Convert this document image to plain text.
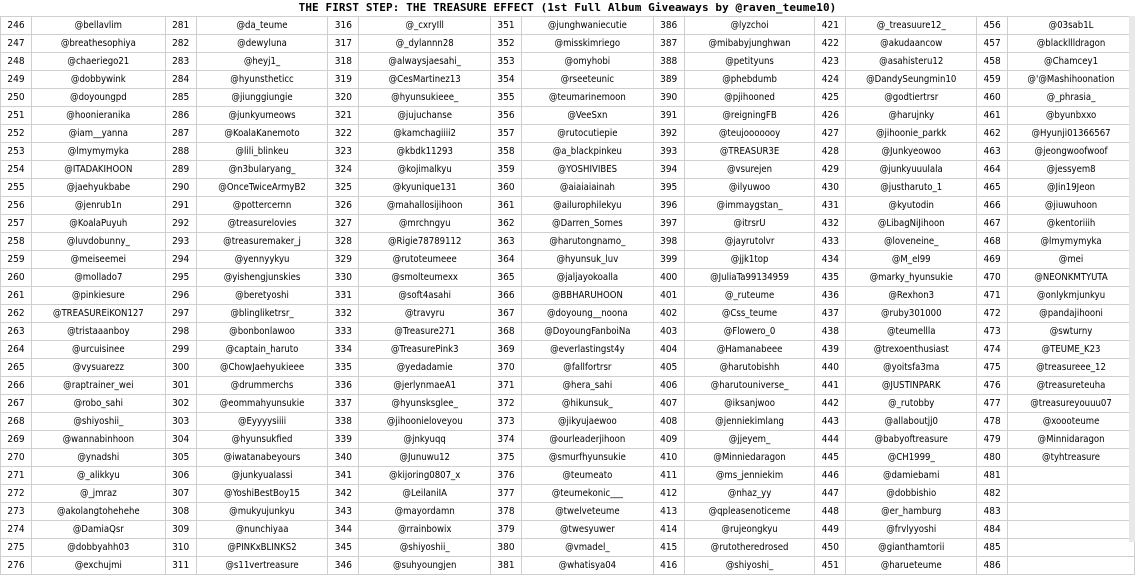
THE FIRST STEP: THE TREASURE EFFECT (1st Full Album Giveaways by @raven_teume10)
246	@bellavlim	281	@da_teume	316	@_cxryIll	351	@junghwaniecutie	386	@lyzchoi	421	@_treasuure12_	456	@03sab1L
247	@breathesophiya	282	@dewyluna	317	@_dylannn28	352	@misskimriego	387	@mibabyjunghwan	422	@akudaancow	457	@blackllldragon
248	@chaeriego21	283	@heyj1_	318	@alwaysjaesahi_	353	@omyhobi	388	@petityuns	423	@asahisteru12	458	@Chamcey1
249	@dobbywink	284	@hyunstheticc	319	@CesMartinez13	354	@rseeteunic	389	@phebdumb	424	@DandySeungmin10	459	@'@Mashihoonation
250	@doyoungpd	285	@jiunggiungie	320	@hyunsukieee_	355	@teumarinemoon	390	@pjihooned	425	@godtiertrsr	460	@_phrasia_
251	@hoonieranika	286	@junkyumeows	321	@jujuchanse	356	@VeeSxn	391	@reigningFB	426	@harujnky	461	@byunbxxo
252	@iam__yanna	287	@KoalaKanemoto	322	@kamchagiiii2	357	@rutocutiepie	392	@teujooooooy	427	@jihoonie_parkk	462	@Hyunji01366567
253	@lmymymyka	288	@lili_blinkeu	323	@kbdk11293	358	@a_blackpinkeu	393	@TREASUR3E	428	@Junkyeowoo	463	@jeongwoofwoof
254	@ITADAKIHOON	289	@n3bularyang_	324	@kojimalkyu	359	@YOSHIVIBES	394	@vsurejen	429	@junkyuuulala	464	@jessyem8
255	@jaehyukbabe	290	@OnceTwiceArmyB2	325	@kyunique131	360	@aiaiaiainah	395	@ilyuwoo	430	@justharuto_1	465	@Jin19Jeon
256	@jenrub1n	291	@pottercernn	326	@mahallosijihoon	361	@ailurophilekyu	396	@immaygstan_	431	@kyutodin	466	@jiuwuhoon
257	@KoalaPuyuh	292	@treasurelovies	327	@mrchngyu	362	@Darren_Somes	397	@itrsrU	432	@LibagNiJihoon	467	@kentoriiih
258	@luvdobunny_	293	@treasuremaker_j	328	@Rigie78789112	363	@harutongnamo_	398	@jayrutolvr	433	@loveneine_	468	@lmymymyka
259	@meiseemei	294	@yennyykyu	329	@rutoteumeee	364	@hyunsuk_luv	399	@jjk1top	434	@M_el99	469	@mei
260	@mollado7	295	@yishengjunskies	330	@smolteumexx	365	@jaljayokoalla	400	@JuliaTa99134959	435	@marky_hyunsukie	470	@NEONKMTYUTA
261	@pinkiesure	296	@beretyoshi	331	@soft4asahi	366	@BBHARUHOON	401	@_ruteume	436	@Rexhon3	471	@onlykmjunkyu
262	@TREASUREiKON127	297	@blingliketrsr_	332	@travyru	367	@doyoung__noona	402	@Css_teume	437	@ruby301000	472	@pandajihooni
263	@tristaaanboy	298	@bonbonlawoo	333	@Treasure271	368	@DoyoungFanboiNa	403	@Flowero_0	438	@teumellla	473	@swturny
264	@urcuisinee	299	@captain_haruto	334	@TreasurePink3	369	@everlastingst4y	404	@Hamanabeee	439	@trexoenthusiast	474	@TEUME_K23
265	@vysuarezz	300	@ChowJaehyukieee	335	@yedadamie	370	@fallfortrsr	405	@harutobishh	440	@yoitsfa3ma	475	@treasureee_12
266	@raptrainer_wei	301	@drummerchs	336	@jerlynmaeA1	371	@hera_sahi	406	@harutouniverse_	441	@JUSTINPARK	476	@treasureteuha
267	@robo_sahi	302	@eommahyunsukie	337	@hyunsksglee_	372	@hikunsuk_	407	@iksanjwoo	442	@_rutobby	477	@treasureyouuu07
268	@shiyoshii_	303	@Eyyyysiiii	338	@jihoonieloveyou	373	@jikyujaewoo	408	@jenniekimlang	443	@allaboutjj0	478	@xoooteume
269	@wannabinhoon	304	@hyunsukfied	339	@jnkyuqq	374	@ourleaderjihoon	409	@jjeyem_	444	@babyoftreasure	479	@Minnidaragon
270	@ynadshi	305	@iwatanabeyours	340	@Junuwu12	375	@smurfhyunsukie	410	@Minniedaragon	445	@CH1999_	480	@tyhtreasure
271	@_alikkyu	306	@junkyualassi	341	@kijoring0807_x	376	@teumeato	411	@ms_jenniekim	446	@damiebami	481	
272	@_jmraz	307	@YoshiBestBoy15	342	@LeilaniIA	377	@teumekonic___	412	@nhaz_yy	447	@dobbishio	482	
273	@akolangtohehehe	308	@mukyujunkyu	343	@mayordamn	378	@twelveteume	413	@qpleasenoticeme	448	@er_hamburg	483	
274	@DamiaQsr	309	@nunchiyaa	344	@rrainbowix	379	@twesyuwer	414	@rujeongkyu	449	@frvlyyoshi	484	
275	@dobbyahh03	310	@PINKxBLINKS2	345	@shiyoshii_	380	@vmadel_	415	@rutotheredrosed	450	@gianthamtorii	485	
276	@exchujmi	311	@s11vertreasure	346	@suhyoungjen	381	@whatisya04	416	@shiyoshi_	451	@harueteume	486	
